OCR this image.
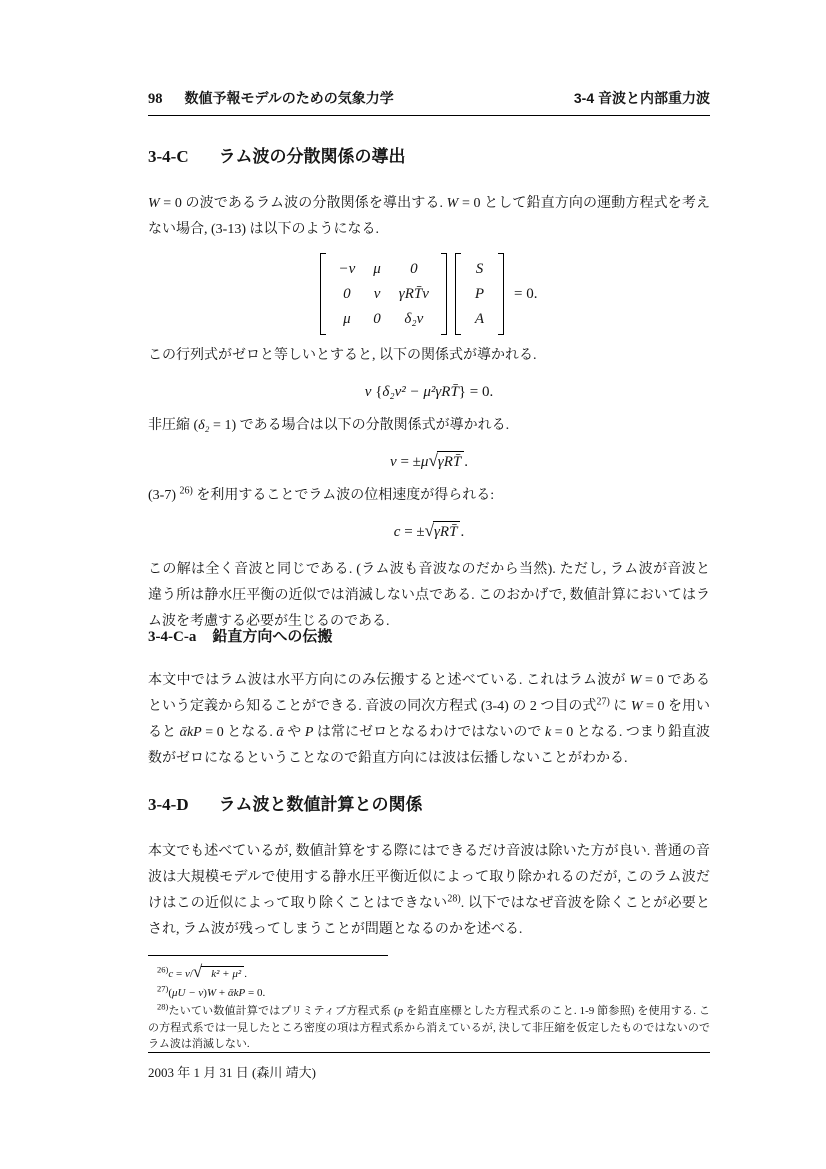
98 数値予報モデルのための気象力学	3-4 音波と内部重力波
3-4-C ラム波の分散関係の導出

W = 0 の波であるラム波の分散関係を導出する. W = 0 として鉛直方向の運動方程式を考えない場合, (3-13) は以下のようになる.

−ν μ 0
0 ν γRT̄ν
μ 0 δ₂ν
S
P
A
= 0.

この行列式がゼロと等しいとすると, 以下の関係式が導かれる.

ν {δ₂ν² − μ²γRT̄} = 0.

非圧縮 (δ₂ = 1) である場合は以下の分散関係式が導かれる.

ν = ±μ√γRT̄ .

(3-7) $^{26)}$ を利用することでラム波の位相速度が得られる:

c = ±√γRT̄ .

この解は全く音波と同じである. (ラム波も音波なのだから当然). ただし, ラム波が音波と違う所は静水圧平衡の近似では消滅しない点である. このおかげで, 数値計算においてはラム波を考慮する必要が生じるのである.

3-4-C-a 鉛直方向への伝搬

本文中ではラム波は水平方向にのみ伝搬すると述べている. これはラム波が W = 0 であるという定義から知ることができる. 音波の同次方程式 (3-4) の 2 つ目の式$^{27)}$ に W = 0 を用いると ᾱkP = 0 となる. ᾱ や P は常にゼロとなるわけではないので k = 0 となる. つまり鉛直波数がゼロになるということなので鉛直方向には波は伝播しないことがわかる.

3-4-D ラム波と数値計算との関係

本文でも述べているが, 数値計算をする際にはできるだけ音波は除いた方が良い. 普通の音波は大規模モデルで使用する静水圧平衡近似によって取り除かれるのだが, このラム波だけはこの近似によって取り除くことはできない$^{28)}$. 以下ではなぜ音波を除くことが必要とされ, ラム波が残ってしまうことが問題となるのかを述べる.

$^{26)}$c = ν/√ k² + μ² .

$^{27)}$(μU − ν)W + ᾱkP = 0.

$^{28)}$たいてい数値計算ではプリミティブ方程式系 (p を鉛直座標とした方程式系のこと. 1-9 節参照) を使用する. この方程式系では一見したところ密度の項は方程式系から消えているが, 決して非圧縮を仮定したものではないのでラム波は消滅しない.

2003 年 1 月 31 日 (森川 靖大)
